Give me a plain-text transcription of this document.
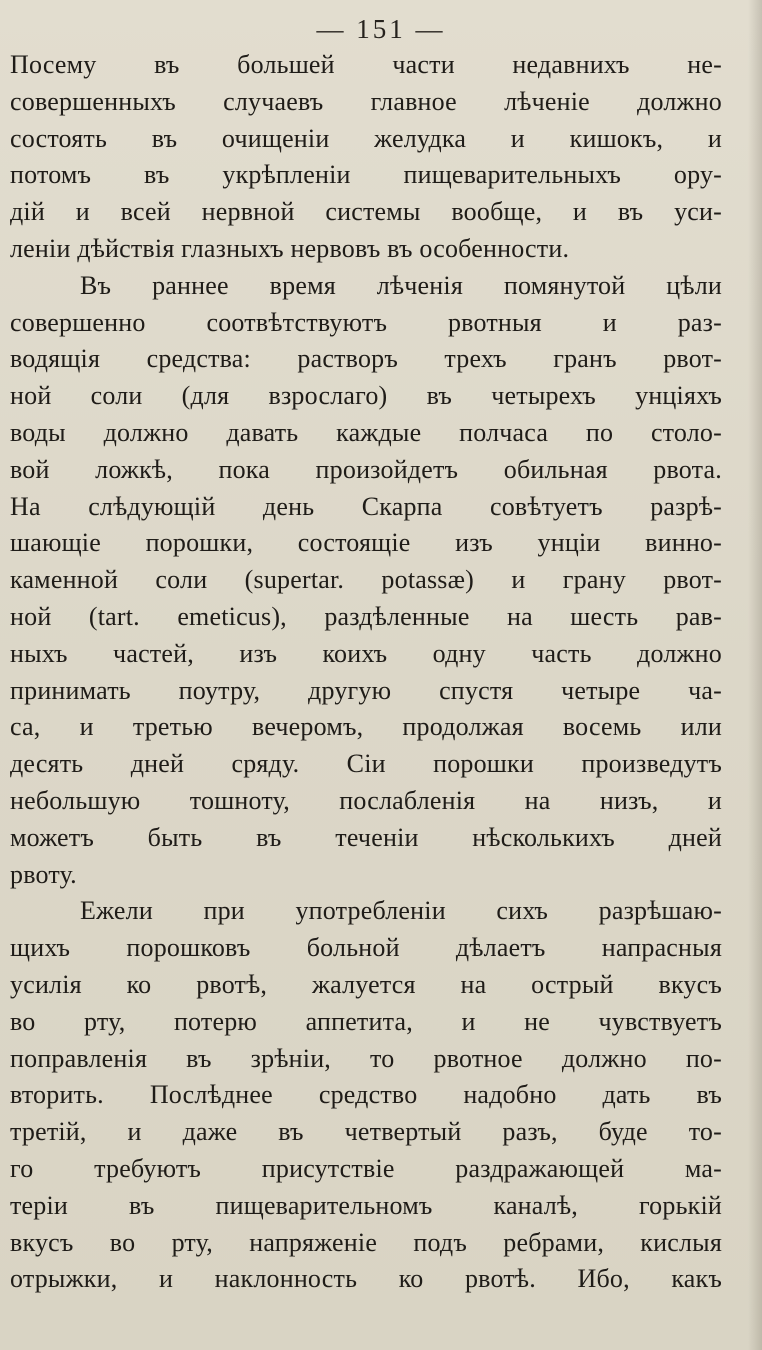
— 151 —
Посему въ большей части недавнихъ не-
совершенныхъ случаевъ главное лѣченіе должно
состоять въ очищеніи желудка и кишокъ, и
потомъ въ укрѣпленіи пищеварительныхъ ору-
дій и всей нервной системы вообще, и въ уси-
леніи дѣйствія глазныхъ нервовъ въ особенности.
Въ раннее время лѣченія помянутой цѣли
совершенно соотвѣтствуютъ рвотныя и раз-
водящія средства: растворъ трехъ гранъ рвот-
ной соли (для взрослаго) въ четырехъ унціяхъ
воды должно давать каждые полчаса по столо-
вой ложкѣ, пока произойдетъ обильная рвота.
На слѣдующій день Скарпа совѣтуетъ разрѣ-
шающіе порошки, состоящіе изъ унціи винно-
каменной соли (supertar. potassæ) и грану рвот-
ной (tart. emeticus), раздѣленные на шесть рав-
ныхъ частей, изъ коихъ одну часть должно
принимать поутру, другую спустя четыре ча-
са, и третью вечеромъ, продолжая восемь или
десять дней сряду. Сіи порошки произведутъ
небольшую тошноту, послабленія на низъ, и
можетъ быть въ теченіи нѣсколькихъ дней
рвоту.
Ежели при употребленіи сихъ разрѣшаю-
щихъ порошковъ больной дѣлаетъ напрасныя
усилія ко рвотѣ, жалуется на острый вкусъ
во рту, потерю аппетита, и не чувствуетъ
поправленія въ зрѣніи, то рвотное должно по-
вторить. Послѣднее средство надобно дать въ
третій, и даже въ четвертый разъ, буде то-
го требуютъ присутствіе раздражающей ма-
теріи въ пищеварительномъ каналѣ, горькій
вкусъ во рту, напряженіе подъ ребрами, кислыя
отрыжки, и наклонность ко рвотѣ. Ибо, какъ
